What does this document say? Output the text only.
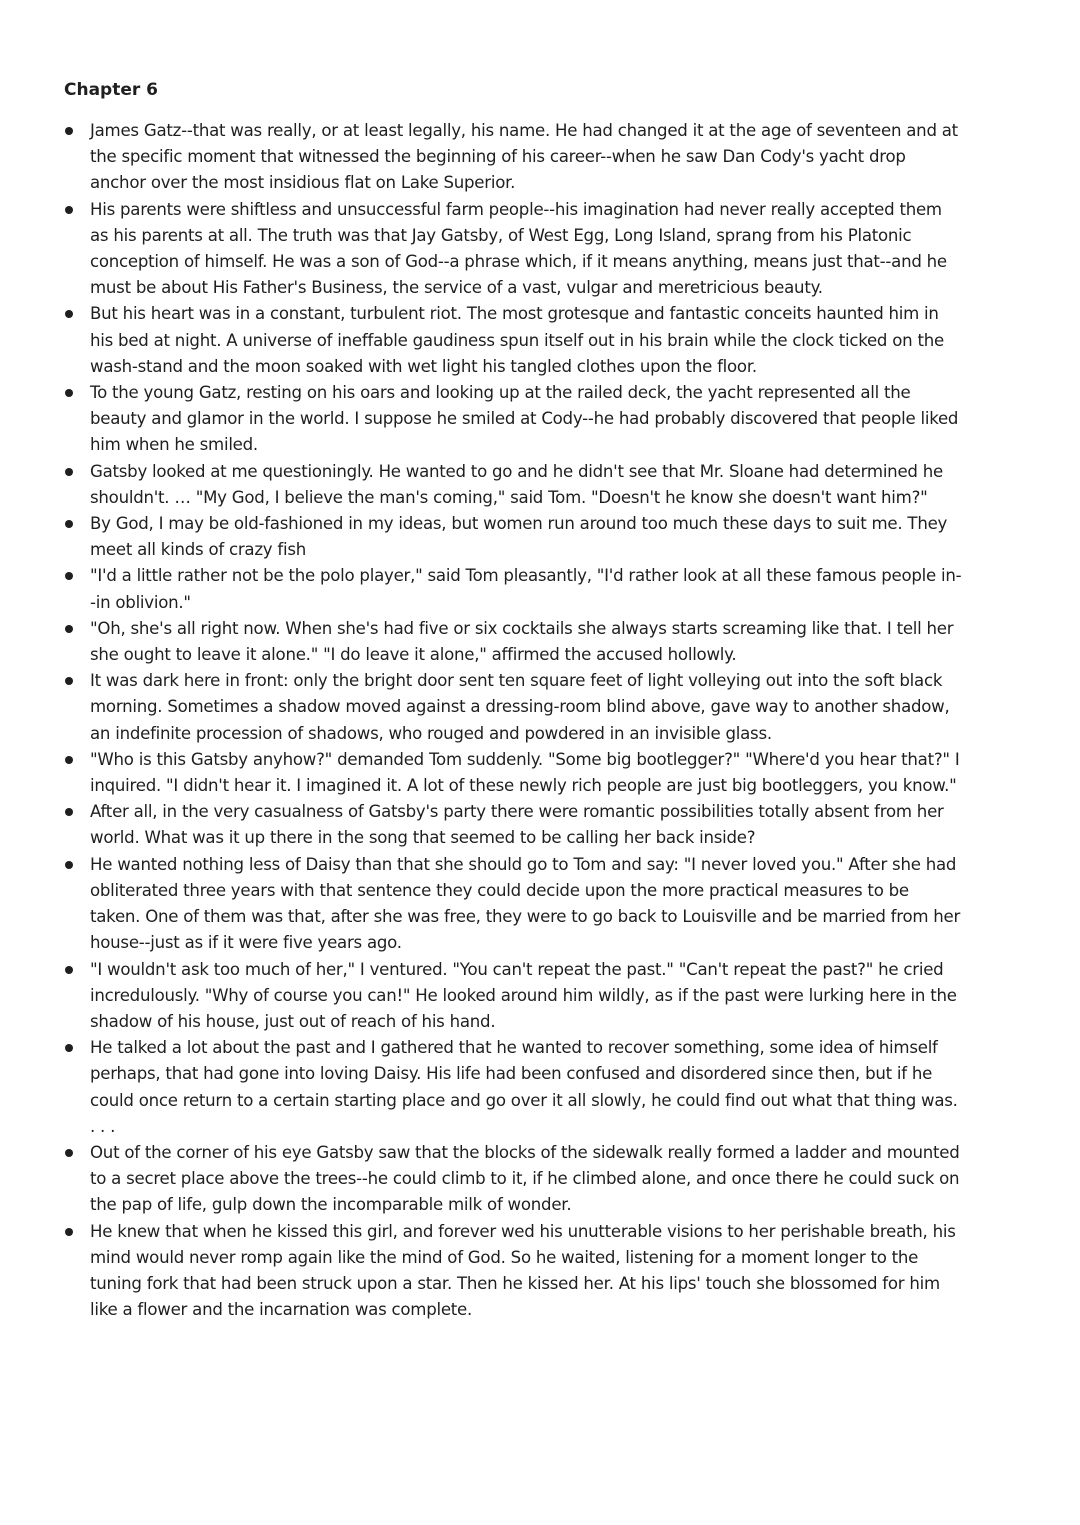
Chapter 6
James Gatz--that was really, or at least legally, his name. He had changed it at the age of seventeen and at the specific moment that witnessed the beginning of his career--when he saw Dan Cody's yacht drop anchor over the most insidious flat on Lake Superior.
His parents were shiftless and unsuccessful farm people--his imagination had never really accepted them as his parents at all. The truth was that Jay Gatsby, of West Egg, Long Island, sprang from his Platonic conception of himself. He was a son of God--a phrase which, if it means anything, means just that--and he must be about His Father's Business, the service of a vast, vulgar and meretricious beauty.
But his heart was in a constant, turbulent riot. The most grotesque and fantastic conceits haunted him in his bed at night. A universe of ineffable gaudiness spun itself out in his brain while the clock ticked on the wash-stand and the moon soaked with wet light his tangled clothes upon the floor.
To the young Gatz, resting on his oars and looking up at the railed deck, the yacht represented all the beauty and glamor in the world. I suppose he smiled at Cody--he had probably discovered that people liked him when he smiled.
Gatsby looked at me questioningly. He wanted to go and he didn't see that Mr. Sloane had determined he shouldn't. … "My God, I believe the man's coming," said Tom. "Doesn't he know she doesn't want him?"
By God, I may be old-fashioned in my ideas, but women run around too much these days to suit me. They meet all kinds of crazy fish
"I'd a little rather not be the polo player," said Tom pleasantly, "I'd rather look at all these famous people in--in oblivion."
"Oh, she's all right now. When she's had five or six cocktails she always starts screaming like that. I tell her she ought to leave it alone." "I do leave it alone," affirmed the accused hollowly.
It was dark here in front: only the bright door sent ten square feet of light volleying out into the soft black morning. Sometimes a shadow moved against a dressing-room blind above, gave way to another shadow, an indefinite procession of shadows, who rouged and powdered in an invisible glass.
"Who is this Gatsby anyhow?" demanded Tom suddenly. "Some big bootlegger?" "Where'd you hear that?" I inquired. "I didn't hear it. I imagined it. A lot of these newly rich people are just big bootleggers, you know."
After all, in the very casualness of Gatsby's party there were romantic possibilities totally absent from her world. What was it up there in the song that seemed to be calling her back inside?
He wanted nothing less of Daisy than that she should go to Tom and say: "I never loved you." After she had obliterated three years with that sentence they could decide upon the more practical measures to be taken. One of them was that, after she was free, they were to go back to Louisville and be married from her house--just as if it were five years ago.
"I wouldn't ask too much of her," I ventured. "You can't repeat the past." "Can't repeat the past?" he cried incredulously. "Why of course you can!" He looked around him wildly, as if the past were lurking here in the shadow of his house, just out of reach of his hand.
He talked a lot about the past and I gathered that he wanted to recover something, some idea of himself perhaps, that had gone into loving Daisy. His life had been confused and disordered since then, but if he could once return to a certain starting place and go over it all slowly, he could find out what that thing was. . . .
Out of the corner of his eye Gatsby saw that the blocks of the sidewalk really formed a ladder and mounted to a secret place above the trees--he could climb to it, if he climbed alone, and once there he could suck on the pap of life, gulp down the incomparable milk of wonder.
He knew that when he kissed this girl, and forever wed his unutterable visions to her perishable breath, his mind would never romp again like the mind of God. So he waited, listening for a moment longer to the tuning fork that had been struck upon a star. Then he kissed her. At his lips' touch she blossomed for him like a flower and the incarnation was complete.
